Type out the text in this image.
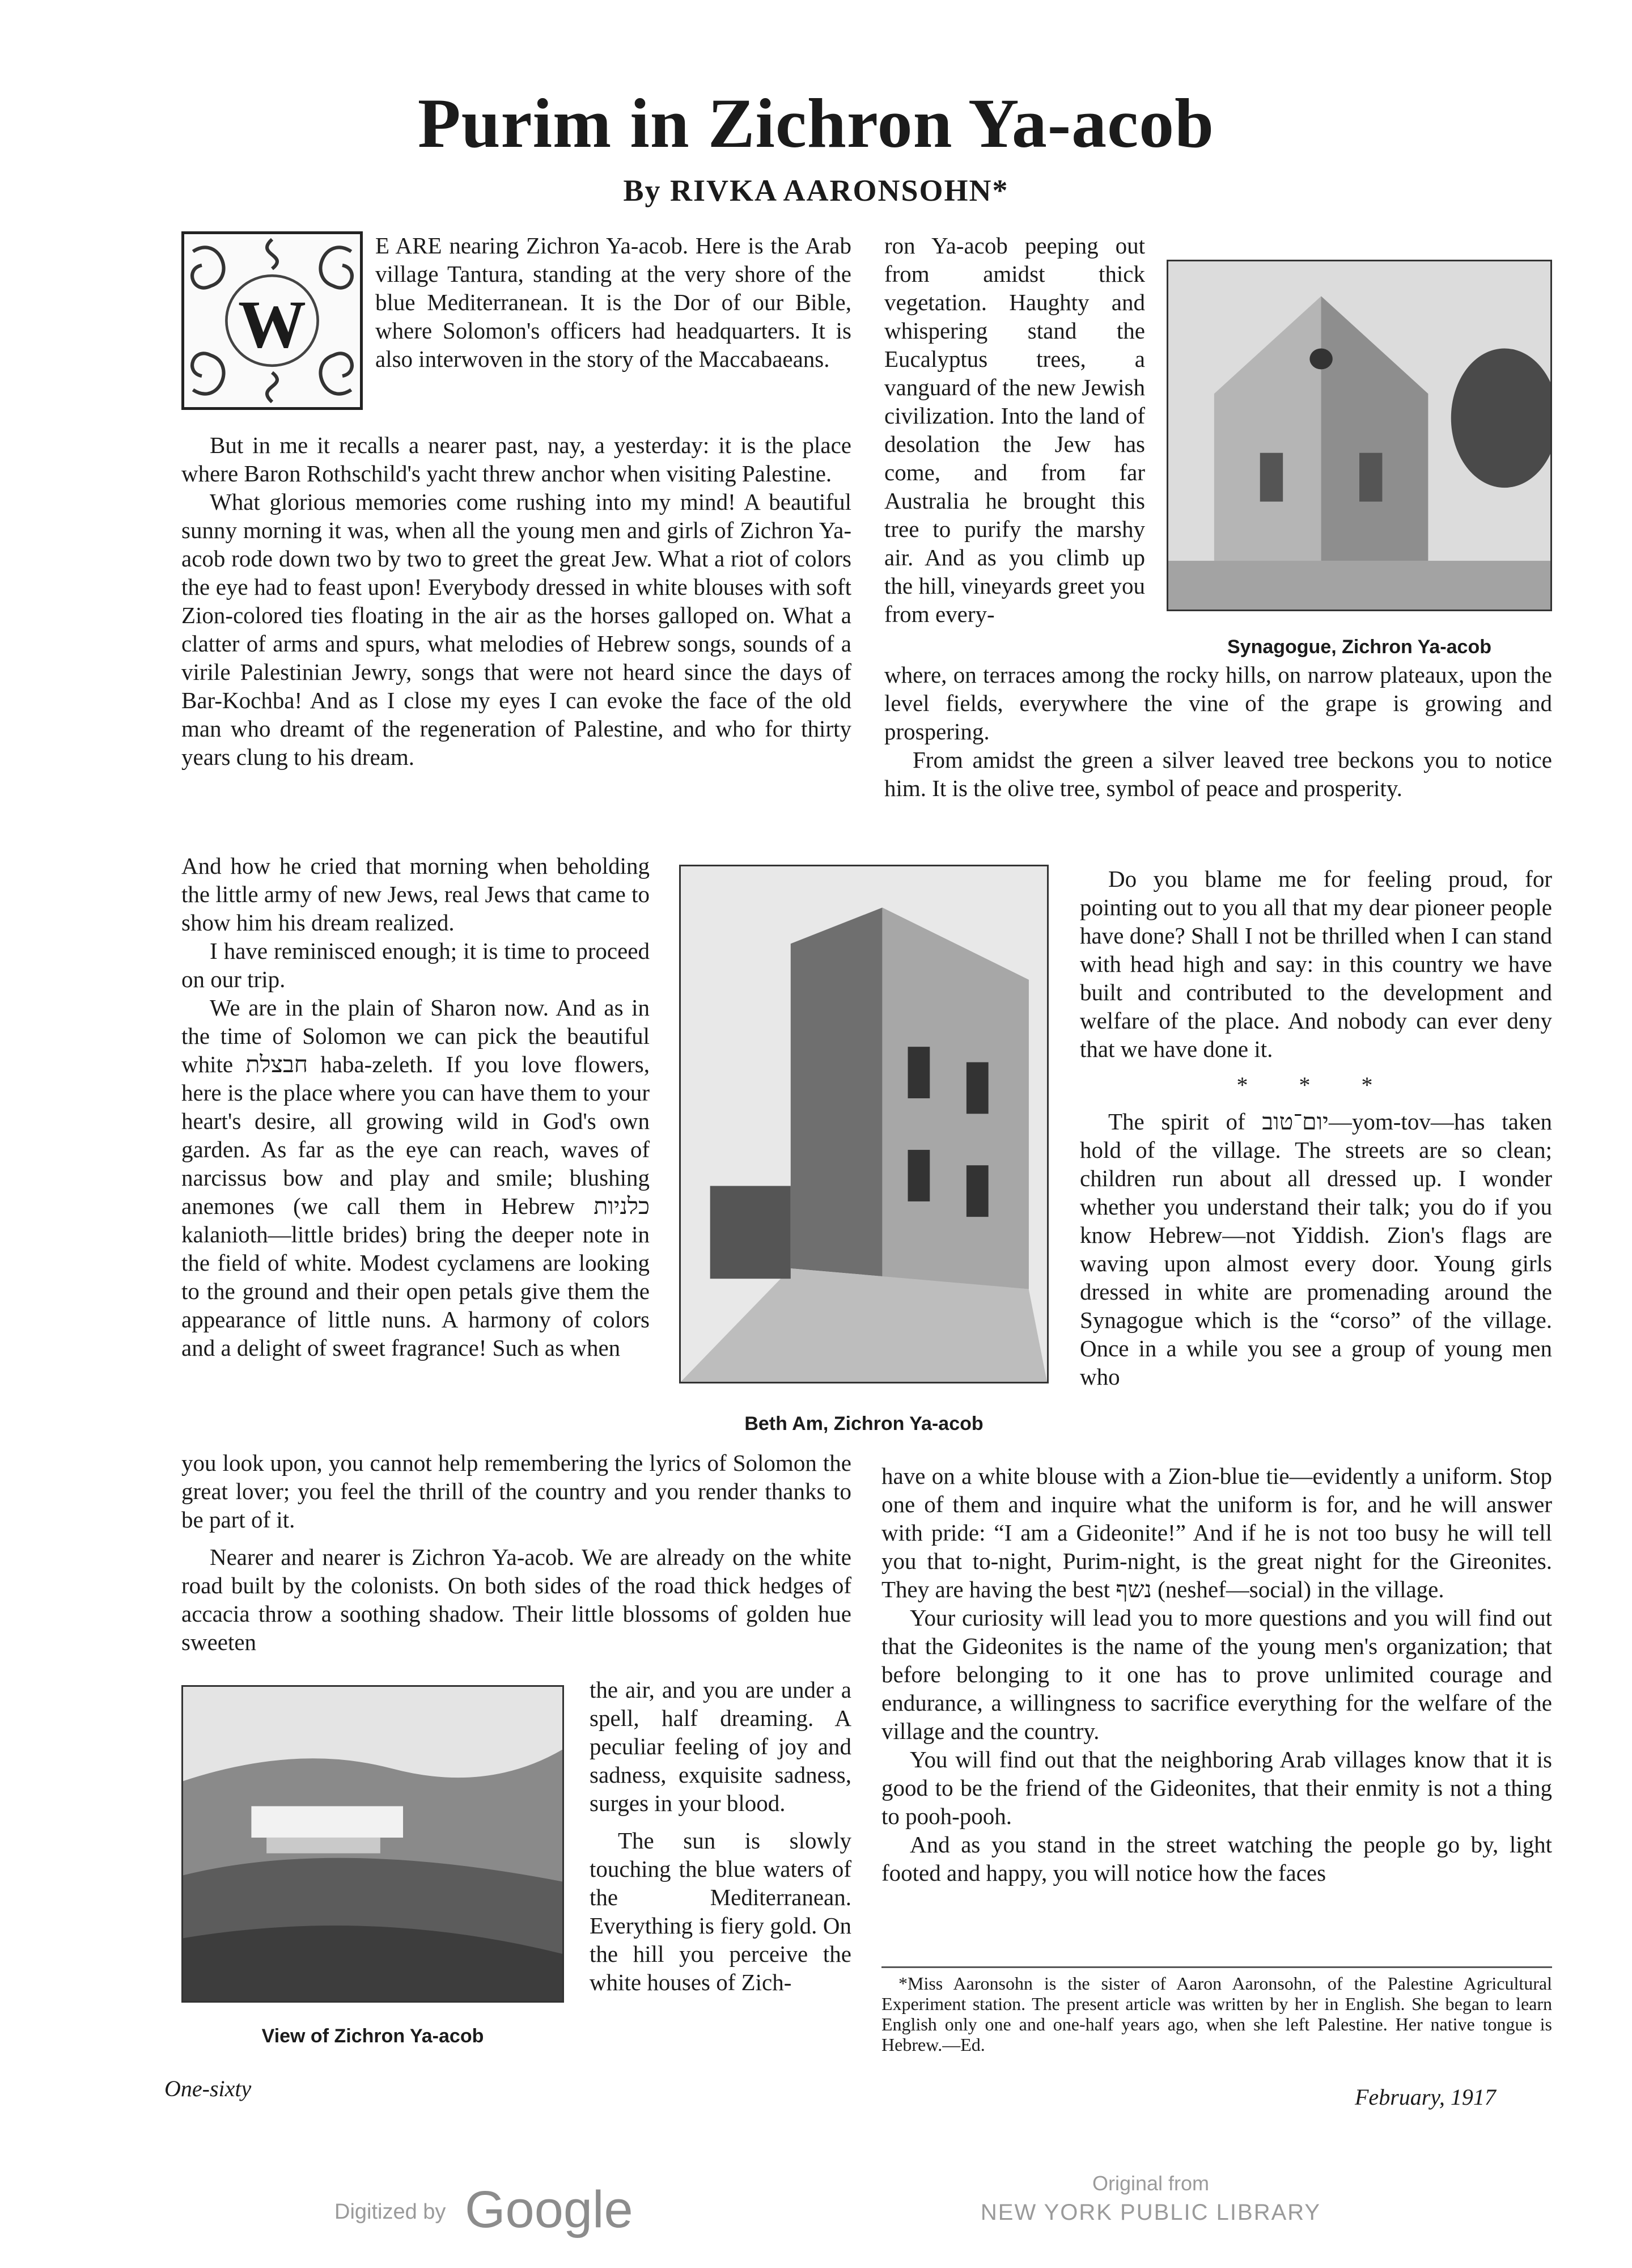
Purim in Zichron Ya-acob
By RIVKA AARONSOHN*
W

E ARE nearing Zichron Ya-acob. Here is the Arab village Tantura, standing at the very shore of the blue Mediterranean. It is the Dor of our Bible, where Solomon's officers had headquarters. It is also interwoven in the story of the Maccabaeans.

But in me it recalls a nearer past, nay, a yesterday: it is the place where Baron Rothschild's yacht threw anchor when visiting Palestine.

What glorious memories come rushing into my mind! A beautiful sunny morning it was, when all the young men and girls of Zichron Ya-acob rode down two by two to greet the great Jew. What a riot of colors the eye had to feast upon! Everybody dressed in white blouses with soft Zion-colored ties floating in the air as the horses galloped on. What a clatter of arms and spurs, what melodies of Hebrew songs, sounds of a virile Palestinian Jewry, songs that were not heard since the days of Bar-Kochba! And as I close my eyes I can evoke the face of the old man who dreamt of the regeneration of Palestine, and who for thirty years clung to his dream.

And how he cried that morning when beholding the little army of new Jews, real Jews that came to show him his dream realized.

I have reminisced enough; it is time to proceed on our trip.

We are in the plain of Sharon now. And as in the time of Solomon we can pick the beautiful white חבצלת haba-zeleth. If you love flowers, here is the place where you can have them to your heart's desire, all growing wild in God's own garden. As far as the eye can reach, waves of narcissus bow and play and smile; blushing anemones (we call them in Hebrew כלניות kalanioth—little brides) bring the deeper note in the field of white. Modest cyclamens are looking to the ground and their open petals give them the appearance of little nuns. A harmony of colors and a delight of sweet fragrance! Such as when

you look upon, you cannot help remembering the lyrics of Solomon the great lover; you feel the thrill of the country and you render thanks to be part of it.

Nearer and nearer is Zichron Ya-acob. We are already on the white road built by the colonists. On both sides of the road thick hedges of accacia throw a soothing shadow. Their little blossoms of golden hue sweeten

View of Zichron Ya-acob

the air, and you are under a spell, half dreaming. A peculiar feeling of joy and sadness, exquisite sadness, surges in your blood.

The sun is slowly touching the blue waters of the Mediterranean. Everything is fiery gold. On the hill you perceive the white houses of Zich-

ron Ya-acob peeping out from amidst thick vegetation. Haughty and whispering stand the Eucalyptus trees, a vanguard of the new Jewish civilization. Into the land of desolation the Jew has come, and from far Australia he brought this tree to purify the marshy air. And as you climb up the hill, vineyards greet you from every-

Synagogue, Zichron Ya-acob

where, on terraces among the rocky hills, on narrow plateaux, upon the level fields, everywhere the vine of the grape is growing and prospering.

From amidst the green a silver leaved tree beckons you to notice him. It is the olive tree, symbol of peace and prosperity.

Beth Am, Zichron Ya-acob

Do you blame me for feeling proud, for pointing out to you all that my dear pioneer people have done? Shall I not be thrilled when I can stand with head high and say: in this country we have built and contributed to the development and welfare of the place. And nobody can ever deny that we have done it.

* * *

The spirit of יום־טוב—yom-tov—has taken hold of the village. The streets are so clean; children run about all dressed up. I wonder whether you understand their talk; you do if you know Hebrew—not Yiddish. Zion's flags are waving upon almost every door. Young girls dressed in white are promenading around the Synagogue which is the “corso” of the village. Once in a while you see a group of young men who

have on a white blouse with a Zion-blue tie—evidently a uniform. Stop one of them and inquire what the uniform is for, and he will answer with pride: “I am a Gideonite!” And if he is not too busy he will tell you that to-night, Purim-night, is the great night for the Gireonites. They are having the best נשף (neshef—social) in the village.

Your curiosity will lead you to more questions and you will find out that the Gideonites is the name of the young men's organization; that before belonging to it one has to prove unlimited courage and endurance, a willingness to sacrifice everything for the welfare of the village and the country.

You will find out that the neighboring Arab villages know that it is good to be the friend of the Gideonites, that their enmity is not a thing to pooh-pooh.

And as you stand in the street watching the people go by, light footed and happy, you will notice how the faces

*Miss Aaronsohn is the sister of Aaron Aaronsohn, of the Palestine Agricultural Experiment station. The present article was written by her in English. She began to learn English only one and one-half years ago, when she left Palestine. Her native tongue is Hebrew.—Ed.

One-sixty	February, 1917
Digitized by Google	Original from
NEW YORK PUBLIC LIBRARY
